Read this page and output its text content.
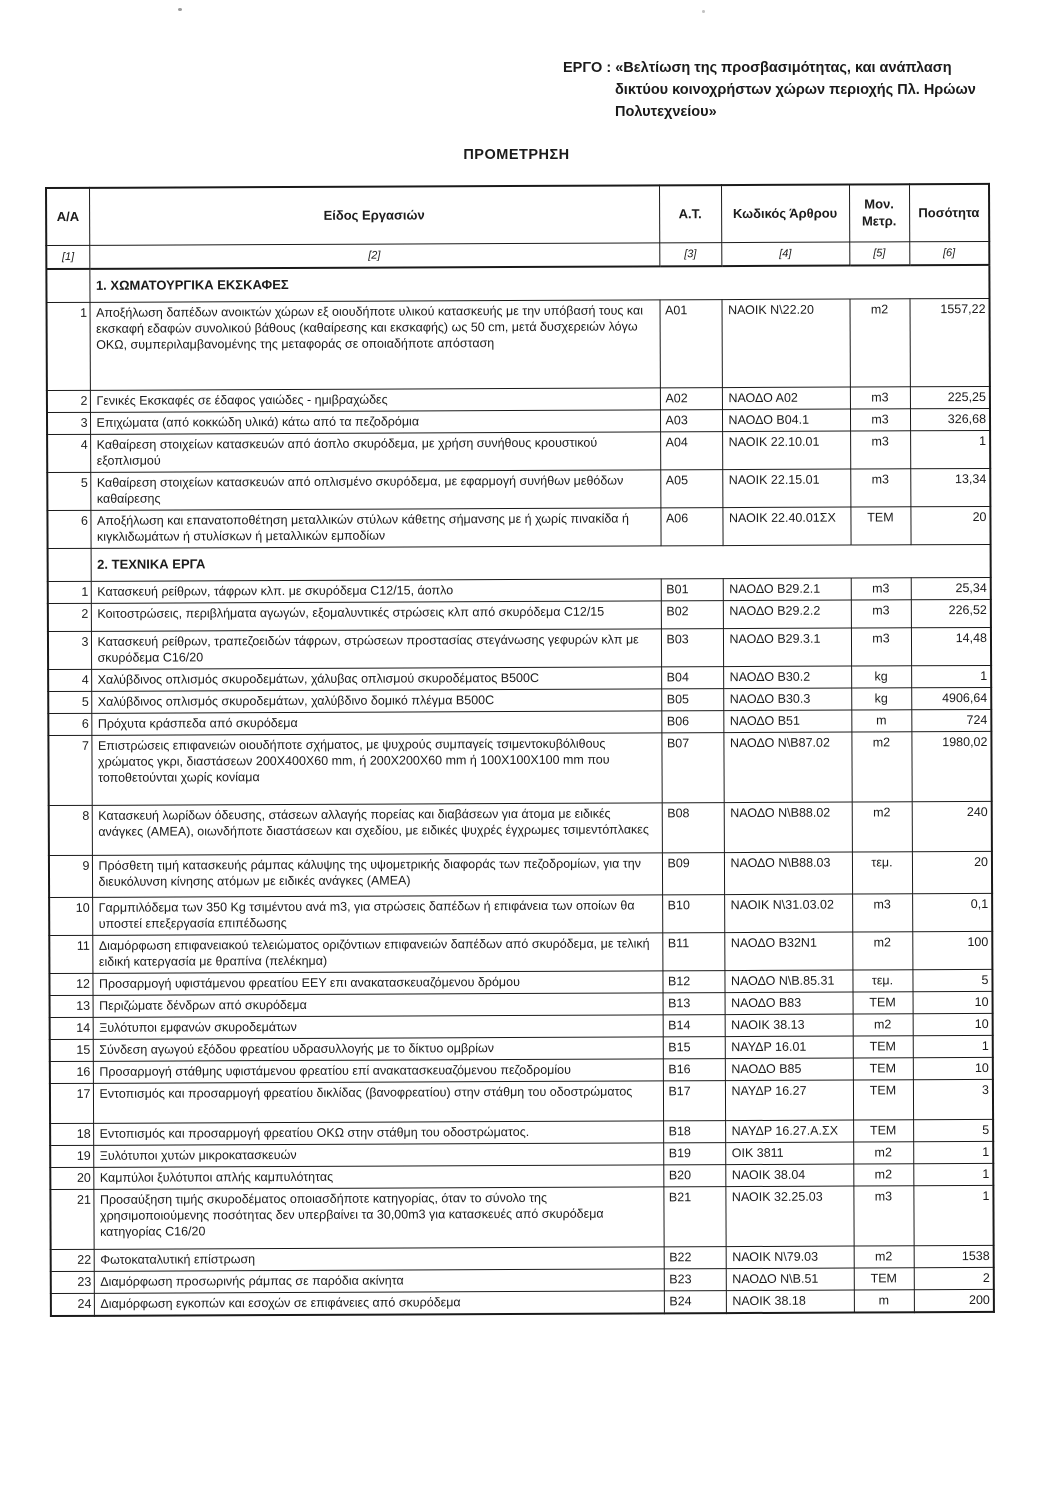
ΕΡΓΟ : «Βελτίωση της προσβασιμότητας, και ανάπλαση
δικτύου κοινοχρήστων χώρων περιοχής Πλ. Ηρώων
Πολυτεχνείου»
ΠΡΟΜΕΤΡΗΣΗ
Α/Α	Είδος Εργασιών	Α.Τ.	Κωδικός Άρθρου	Μον. Μετρ.	Ποσότητα
[1]	[2]	[3]	[4]	[5]	[6]
	1. ΧΩΜΑΤΟΥΡΓΙΚΑ ΕΚΣΚΑΦΕΣ				
1	Αποξήλωση δαπέδων ανοικτών χώρων εξ οιουδήποτε υλικού κατασκευής με την υπόβασή τους και εκσκαφή εδαφών συνολικού βάθους (καθαίρεσης και εκσκαφής) ως 50 cm, μετά δυσχερειών λόγω ΟΚΩ, συμπεριλαμβανομένης της μεταφοράς σε οποιαδήποτε απόσταση	A01	ΝΑΟΙΚ Ν\22.20	m2	1557,22
2	Γενικές Εκσκαφές σε έδαφος γαιώδες - ημιβραχώδες	A02	ΝΑΟΔΟ Α02	m3	225,25
3	Επιχώματα (από κοκκώδη υλικά) κάτω από τα πεζοδρόμια	A03	ΝΑΟΔΟ Β04.1	m3	326,68
4	Καθαίρεση στοιχείων κατασκευών από άοπλο σκυρόδεμα, με χρήση συνήθους κρουστικού εξοπλισμού	A04	ΝΑΟΙΚ 22.10.01	m3	1
5	Καθαίρεση στοιχείων κατασκευών από οπλισμένο σκυρόδεμα, με εφαρμογή συνήθων μεθόδων καθαίρεσης	A05	ΝΑΟΙΚ 22.15.01	m3	13,34
6	Αποξήλωση και επανατοποθέτηση μεταλλικών στύλων κάθετης σήμανσης με ή χωρίς πινακίδα ή κιγκλιδωμάτων ή στυλίσκων ή μεταλλικών εμποδίων	A06	ΝΑΟΙΚ 22.40.01ΣΧ	ΤΕΜ	20
	2. ΤΕΧΝΙΚΑ ΕΡΓΑ				
1	Κατασκευή ρείθρων, τάφρων κλπ. με σκυρόδεμα C12/15, άοπλο	B01	ΝΑΟΔΟ Β29.2.1	m3	25,34
2	Κοιτοστρώσεις, περιβλήματα αγωγών, εξομαλυντικές στρώσεις κλπ από σκυρόδεμα C12/15	B02	ΝΑΟΔΟ Β29.2.2	m3	226,52
3	Κατασκευή ρείθρων, τραπεζοειδών τάφρων, στρώσεων προστασίας στεγάνωσης γεφυρών κλπ με σκυρόδεμα C16/20	B03	ΝΑΟΔΟ Β29.3.1	m3	14,48
4	Χαλύβδινος οπλισμός σκυροδεμάτων, χάλυβας οπλισμού σκυροδέματος B500C	B04	ΝΑΟΔΟ Β30.2	kg	1
5	Χαλύβδινος οπλισμός σκυροδεμάτων, χαλύβδινο δομικό πλέγμα B500C	B05	ΝΑΟΔΟ Β30.3	kg	4906,64
6	Πρόχυτα κράσπεδα από σκυρόδεμα	B06	ΝΑΟΔΟ Β51	m	724
7	Επιστρώσεις επιφανειών οιουδήποτε σχήματος, με ψυχρούς συμπαγείς τσιμεντοκυβόλιθους χρώματος γκρι, διαστάσεων 200Χ400Χ60 mm, ή 200Χ200Χ60 mm ή 100Χ100Χ100 mm που τοποθετούνται χωρίς κονίαμα	B07	ΝΑΟΔΟ Ν\Β87.02	m2	1980,02
8	Κατασκευή λωρίδων όδευσης, στάσεων αλλαγής πορείας και διαβάσεων για άτομα με ειδικές ανάγκες (ΑΜΕΑ), οιωνδήποτε διαστάσεων και σχεδίου, με ειδικές ψυχρές έγχρωμες τσιμεντόπλακες	B08	ΝΑΟΔΟ Ν\Β88.02	m2	240
9	Πρόσθετη τιμή κατασκευής ράμπας κάλυψης της υψομετρικής διαφοράς των πεζοδρομίων, για την διευκόλυνση κίνησης ατόμων με ειδικές ανάγκες (ΑΜΕΑ)	B09	ΝΑΟΔΟ Ν\Β88.03	τεμ.	20
10	Γαρμπιλόδεμα των 350 Kg τσιμέντου ανά m3, για στρώσεις δαπέδων ή επιφάνεια των οποίων θα υποστεί επεξεργασία επιπέδωσης	B10	ΝΑΟΙΚ Ν\31.03.02	m3	0,1
11	Διαμόρφωση επιφανειακού τελειώματος οριζόντιων επιφανειών δαπέδων από σκυρόδεμα, με τελική ειδική κατεργασία με θραπίνα (πελέκημα)	B11	ΝΑΟΔΟ Β32Ν1	m2	100
12	Προσαρμογή υφιστάμενου φρεατίου ΕΕΥ επι ανακατασκευαζόμενου δρόμου	B12	ΝΑΟΔΟ Ν\Β.85.31	τεμ.	5
13	Περιζώματε δένδρων από σκυρόδεμα	B13	ΝΑΟΔΟ Β83	ΤΕΜ	10
14	Ξυλότυποι εμφανών σκυροδεμάτων	B14	ΝΑΟΙΚ 38.13	m2	10
15	Σύνδεση αγωγού εξόδου φρεατίου υδρασυλλογής με το δίκτυο ομβρίων	B15	ΝΑΥΔΡ 16.01	ΤΕΜ	1
16	Προσαρμογή στάθμης υφιστάμενου φρεατίου επί ανακατασκευαζόμενου πεζοδρομίου	B16	ΝΑΟΔΟ Β85	ΤΕΜ	10
17	Εντοπισμός και προσαρμογή φρεατίου δικλίδας (βανοφρεατίου) στην στάθμη του οδοστρώματος	B17	ΝΑΥΔΡ 16.27	ΤΕΜ	3
18	Εντοπισμός και προσαρμογή φρεατίου ΟΚΩ στην στάθμη του οδοστρώματος.	B18	ΝΑΥΔΡ 16.27.Α.ΣΧ	ΤΕΜ	5
19	Ξυλότυποι χυτών μικροκατασκευών	B19	ΟΙΚ 3811	m2	1
20	Καμπύλοι ξυλότυποι απλής καμπυλότητας	B20	ΝΑΟΙΚ 38.04	m2	1
21	Προσαύξηση τιμής σκυροδέματος οποιασδήποτε κατηγορίας, όταν το σύνολο της χρησιμοποιούμενης ποσότητας δεν υπερβαίνει τα 30,00m3 για κατασκευές από σκυρόδεμα κατηγορίας C16/20	B21	ΝΑΟΙΚ 32.25.03	m3	1
22	Φωτοκαταλυτική επίστρωση	B22	ΝΑΟΙΚ Ν\79.03	m2	1538
23	Διαμόρφωση προσωρινής ράμπας σε παρόδια ακίνητα	B23	ΝΑΟΔΟ Ν\Β.51	ΤΕΜ	2
24	Διαμόρφωση εγκοπών και εσοχών σε επιφάνειες από σκυρόδεμα	B24	ΝΑΟΙΚ 38.18	m	200
